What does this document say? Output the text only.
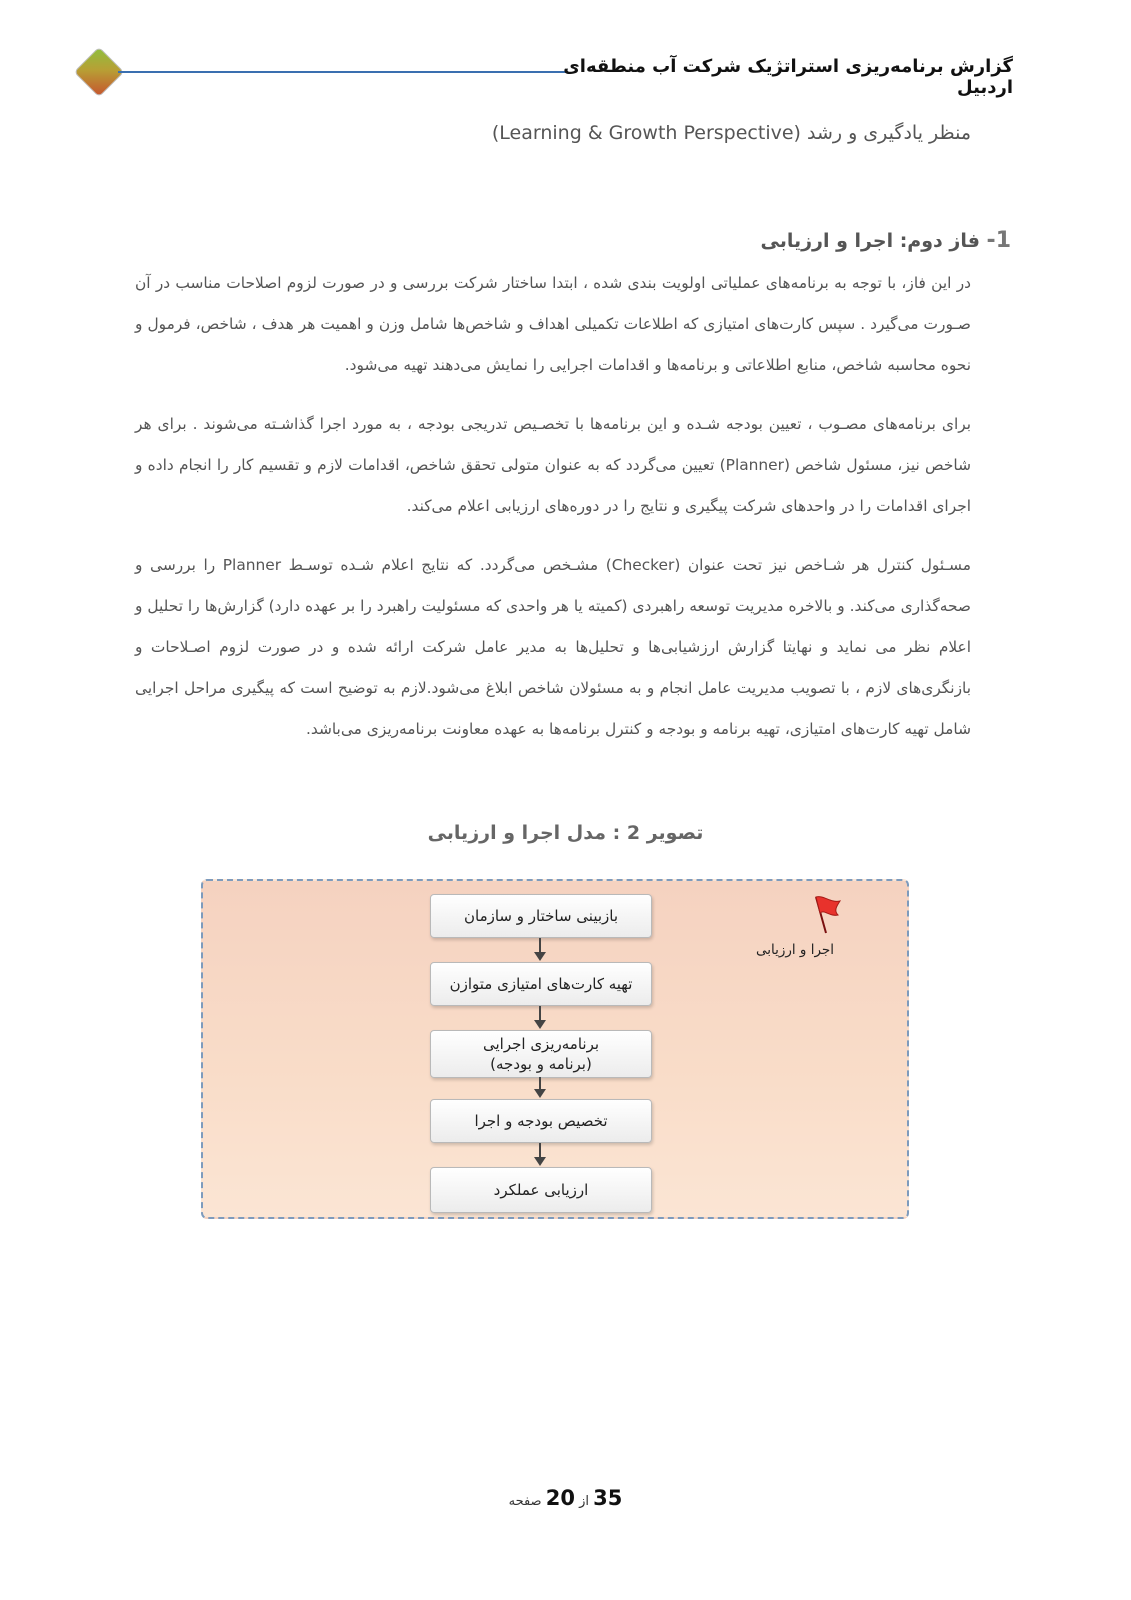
گزارش برنامه‌ریزی استراتژیک شرکت آب منطقه‌ای اردبیل
منظر یادگیری و رشد (Learning & Growth Perspective)
1- فاز دوم: اجرا و ارزیابی
در این فاز، با توجه به برنامه‌های عملیاتی اولویت بندی شده ، ابتدا ساختار شرکت بررسی و در صورت لزوم اصلاحات مناسب در آن صـورت می‌گیرد . سپس کارت‌های امتیازی که اطلاعات تکمیلی اهداف و شاخص‌ها شامل وزن و اهمیت هر هدف ، شاخص، فرمول و نحوه محاسبه شاخص، منابع اطلاعاتی و برنامه‌ها و اقدامات اجرایی را نمایش می‌دهند تهیه می‌شود.
برای برنامه‌های مصـوب ، تعیین بودجه شـده و این برنامه‌ها با تخصـیص تدریجی بودجه ، به مورد اجرا گذاشـته می‌شوند . برای هر شاخص نیز، مسئول شاخص (Planner) تعیین می‌گردد که به عنوان متولی تحقق شاخص، اقدامات لازم و تقسیم کار را انجام داده و اجرای اقدامات را در واحدهای شرکت پیگیری و نتایج را در دوره‌های ارزیابی اعلام می‌کند.
مسـئول کنترل هر شـاخص نیز تحت عنوان (Checker) مشـخص می‌گردد. که نتایج اعلام شـده توسـط Planner را بررسی و صحه‌گذاری می‌کند. و بالاخره مدیریت توسعه راهبردی (کمیته یا هر واحدی که مسئولیت راهبرد را بر عهده دارد) گزارش‌ها را تحلیل و اعلام نظر می نماید و نهایتا گزارش ارزشیابی‌ها و تحلیل‌ها به مدیر عامل شرکت ارائه شده و در صورت لزوم اصـلاحات و بازنگری‌های لازم ، با تصویب مدیریت عامل انجام و به مسئولان شاخص ابلاغ می‌شود.لازم به توضیح است که پیگیری مراحل اجرایی شامل تهیه کارت‌های امتیازی، تهیه برنامه و بودجه و کنترل برنامه‌ها به عهده معاونت برنامه‌ریزی می‌باشد.
تصویر 2 : مدل اجرا و ارزیابی
اجرا و ارزیابی
بازبینی ساختار و سازمان
تهیه کارت‌های امتیازی متوازن
برنامه‌ریزی اجرایی
(برنامه و بودجه)
تخصیص بودجه و اجرا
ارزیابی عملکرد
35 از 20 صفحه
